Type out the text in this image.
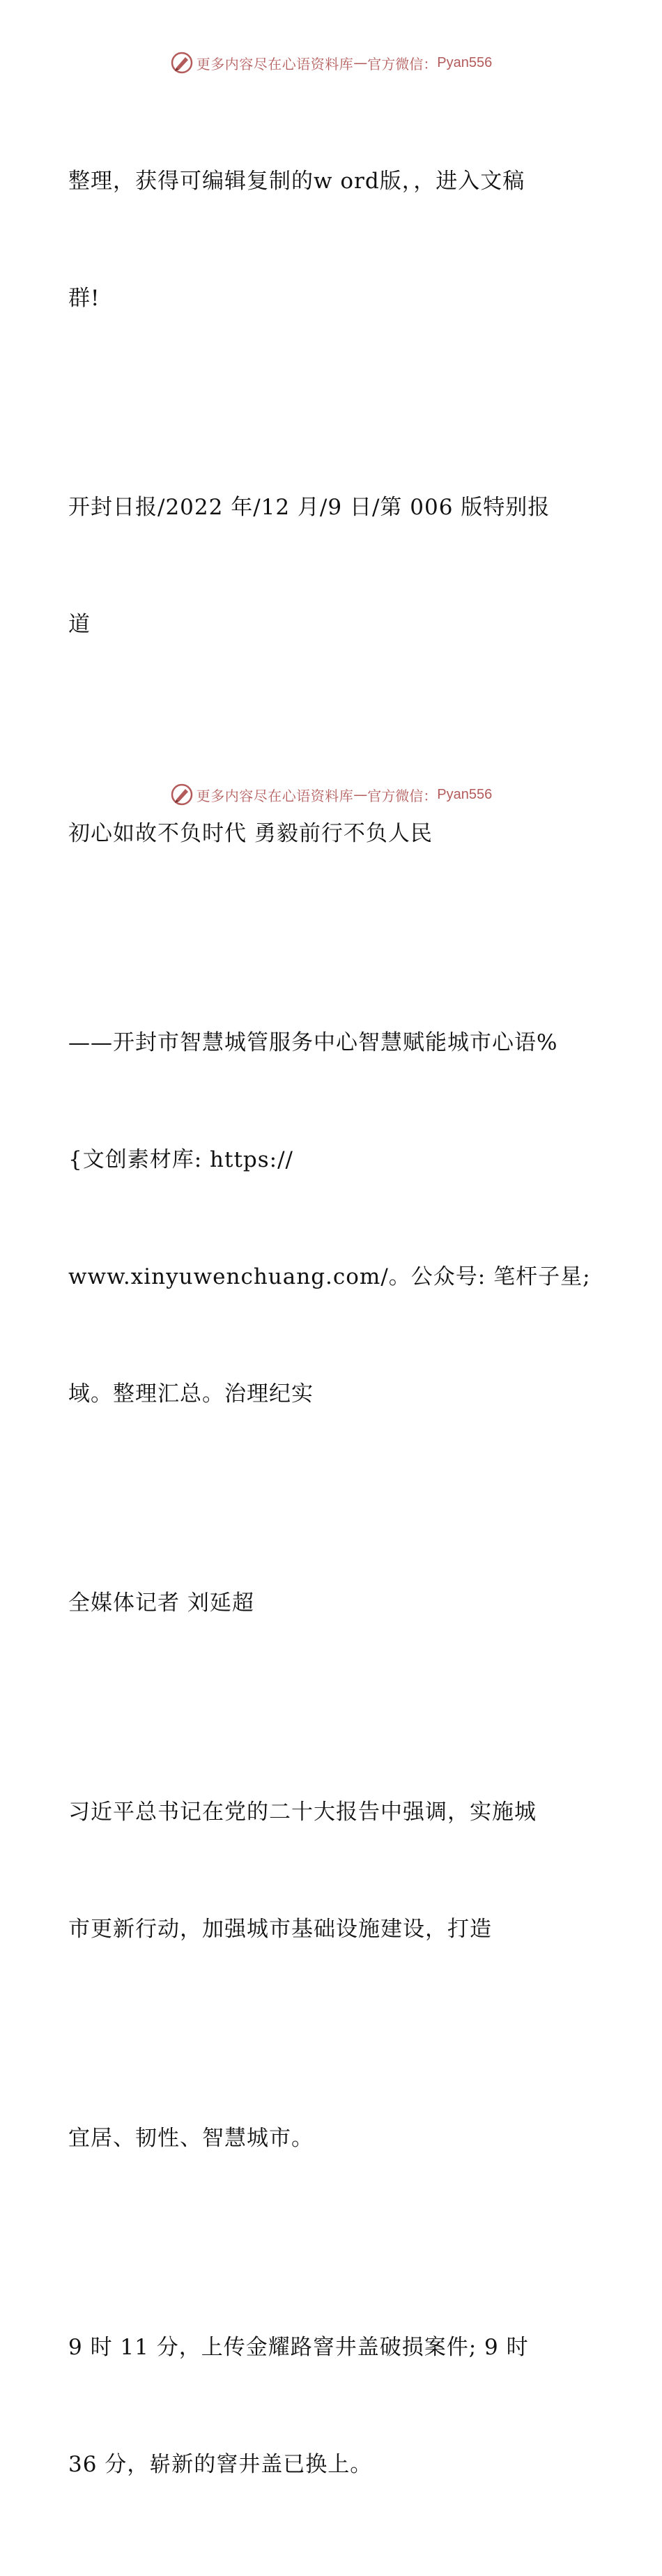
更多内容尽在心语资料库 — 官方微信： Pyan556

整理，获得可编辑复制的w ord版，，进入文稿

群!

开封日报/2022 年/12 月/9 日/第 006 版特别报

道

初心如故不负时代 勇毅前行不负人民

——开封市智慧城管服务中心智慧赋能城市心语%

{文创素材库: https://

www.xinyuwenchuang.com/。公众号: 笔杆子星;

域。整理汇总。治理纪实

全媒体记者 刘延超

习近平总书记在党的二十大报告中强调，实施城

市更新行动，加强城市基础设施建设，打造

宜居、韧性、智慧城市。

9 时 11 分，上传金耀路窨井盖破损案件; 9 时

36 分，崭新的窨井盖已换上。

更多内容尽在心语资料库 — 官方微信： Pyan556
